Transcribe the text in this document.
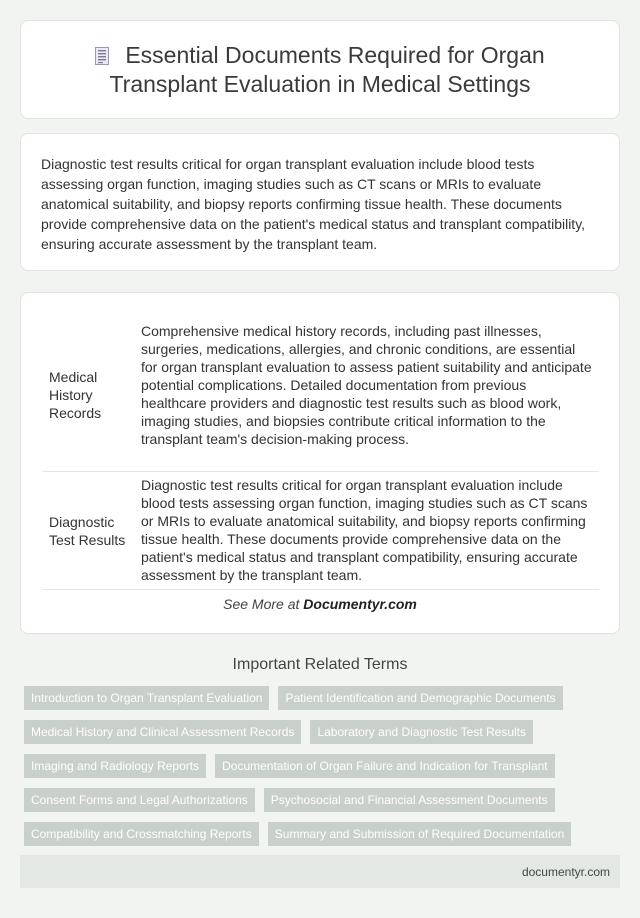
Essential Documents Required for Organ Transplant Evaluation in Medical Settings

Diagnostic test results critical for organ transplant evaluation include blood tests assessing organ function, imaging studies such as CT scans or MRIs to evaluate anatomical suitability, and biopsy reports confirming tissue health. These documents provide comprehensive data on the patient's medical status and transplant compatibility, ensuring accurate assessment by the transplant team.

Medical History Records
Comprehensive medical history records, including past illnesses, surgeries, medications, allergies, and chronic conditions, are essential for organ transplant evaluation to assess patient suitability and anticipate potential complications. Detailed documentation from previous healthcare providers and diagnostic test results such as blood work, imaging studies, and biopsies contribute critical information to the transplant team's decision-making process.
Diagnostic Test Results
Diagnostic test results critical for organ transplant evaluation include blood tests assessing organ function, imaging studies such as CT scans or MRIs to evaluate anatomical suitability, and biopsy reports confirming tissue health. These documents provide comprehensive data on the patient's medical status and transplant compatibility, ensuring accurate assessment by the transplant team.
See More at Documentyr.com
Important Related Terms
Introduction to Organ Transplant Evaluation	Patient Identification and Demographic Documents
Medical History and Clinical Assessment Records	Laboratory and Diagnostic Test Results
Imaging and Radiology Reports	Documentation of Organ Failure and Indication for Transplant
Consent Forms and Legal Authorizations	Psychosocial and Financial Assessment Documents
Compatibility and Crossmatching Reports	Summary and Submission of Required Documentation
documentyr.com
